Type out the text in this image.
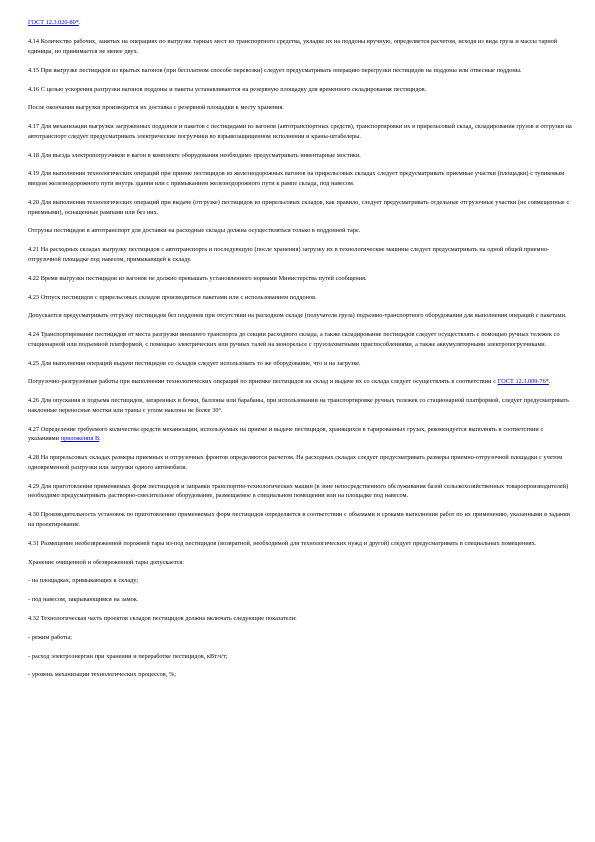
ГОСТ 12.3.020-80*.

4.14 Количество рабочих, занятых на операциях по выгрузке тарных мест из транспортного средства, укладке их на поддоны вручную, определяется расчетом, исходя из вида груза и массы тарной единицы, но принимается не менее двух.

4.15 При выгрузке пестицидов из крытых вагонов (при бесплатном способе перевозки) следует предусматривать операцию перегрузки пестицидов на поддоны или отвесные поддоны.

4.16 С целью ускорения разгрузки вагонов поддоны и пакеты устанавливаются на резервную площадку для временного складирования пестицидов.

После окончания выгрузки производится их доставка с резервной площадки к месту хранения.

4.17 Для механизации выгрузки загруженных поддонов и пакетов с пестицидами из вагонов (автотранспортных средств), транспортировки их в прирельсовый склад, складирования грузов и отгрузки на автотранспорт следует предусматривать электрические погрузчики во взрывозащищенном исполнении и краны-штабелеры.

4.18 Для въезда электропогрузчиков в вагон в комплекте оборудования необходимо предусматривать инвентарные мостики.

4.19 Для выполнения технологических операций при приеме пестицидов из железнодорожных вагонов на прирельсовых складах следует предусматривать приемные участки (площадки) с тупиковым вводом железнодорожного пути внутрь здания или с примыканием железнодорожного пути к рампе склада, под навесом.

4.20 Для выполнения технологических операций при выдаче (отгрузке) пестицидов из прирельсовых складов, как правило, следует предусматривать отдельные отгрузочные участки (не совмещенные с приемными), оснащенные рампами или без них.

Отгрузка пестицидов в автотранспорт для доставки на расходные склады должна осуществляться только в поддонной таре.

4.21 На расходных складах выгрузку пестицидов с автотранспорта и последующую (после хранения) загрузку их в технологические машины следует предусматривать на одной общей приемно-отгрузочной площадке под навесом, примыкающей к складу.

4.22 Время выгрузки пестицидов из вагонов не должно превышать установленного нормами Министерства путей сообщения.

4.23 Отпуск пестицидов с прирельсовых складов производиться пакетами или с использованием поддонов.

Допускается предусматривать отгрузку пестицидов без поддонов при отсутствии на расходном складе (получателя груза) подъемно-транспортного оборудования для выполнения операций с пакетами.

4.24 Транспортирование пестицидов от места разгрузки внешнего транспорта до секции расходного склада, а также складирование пестицидов следует осуществлять с помощью ручных тележек со стационарной или подъемной платформой, с помощью электрических или ручных талей на монорельсе с грузозахватными приспособлениями, а также аккумуляторными электропогрузчиками.

4.25 Для выполнения операций выдачи пестицидов со складов следует использовать то же оборудование, что и на загрузке.

Погрузочно-разгрузочные работы при выполнении технологических операций по приемке пестицидов на склад и выдаче их со склада следует осуществлять в соответствии с ГОСТ 12.3.009-76*.

4.26 Для опускания и подъема пестицидов, затаренных в бочки, баллоны или барабаны, при использовании на транспортировке ручных тележек со стационарной платформой, следует предусматривать наклонные переносные мостки или трапы с углом наклона не более 30°.

4.27 Определение требуемого количества средств механизации, используемых на приеме и выдаче пестицидов, хранящихся в тарированных грузах, рекомендуется выполнять в соответствии с указаниями приложения В.

4.28 На прирельсовых складах размеры приемных и отгрузочных фронтов определяются расчетом. На расходных складах следует предусматривать размеры приемно-отгрузочной площадки с учетом одновременной разгрузки или загрузки одного автомобиля.

4.29 Для приготовления применяемых форм пестицидов и заправки транспортно-технологических машин (в зоне непосредственного обслуживания базой сельскохозяйственных товаропроизводителей) необходимо предусматривать растворно-смесительное оборудование, размещаемое в специальном помещении или на площадке под навесом.

4.30 Производительность установок по приготовлению применяемых форм пестицидов определяется в соответствии с объемами и сроками выполнения работ по их применению, указанными в задании на проектирование.

4.31 Размещение необезвреженной порожней тары из-под пестицидов (возвратной, необходимой для технологических нужд и другой) следует предусматривать в специальных помещениях.

Хранение очищенной и обезвреженной тары допускается:

- на площадках, примыкающих к складу;

- под навесом, закрывающимся на замок.

4.32 Технологическая часть проектов складов пестицидов должна включать следующие показатели:

- режим работы;

- расход электроэнергии при хранении и переработке пестицидов, кВт.ч/т;

- уровень механизации технологических процессов, %;
